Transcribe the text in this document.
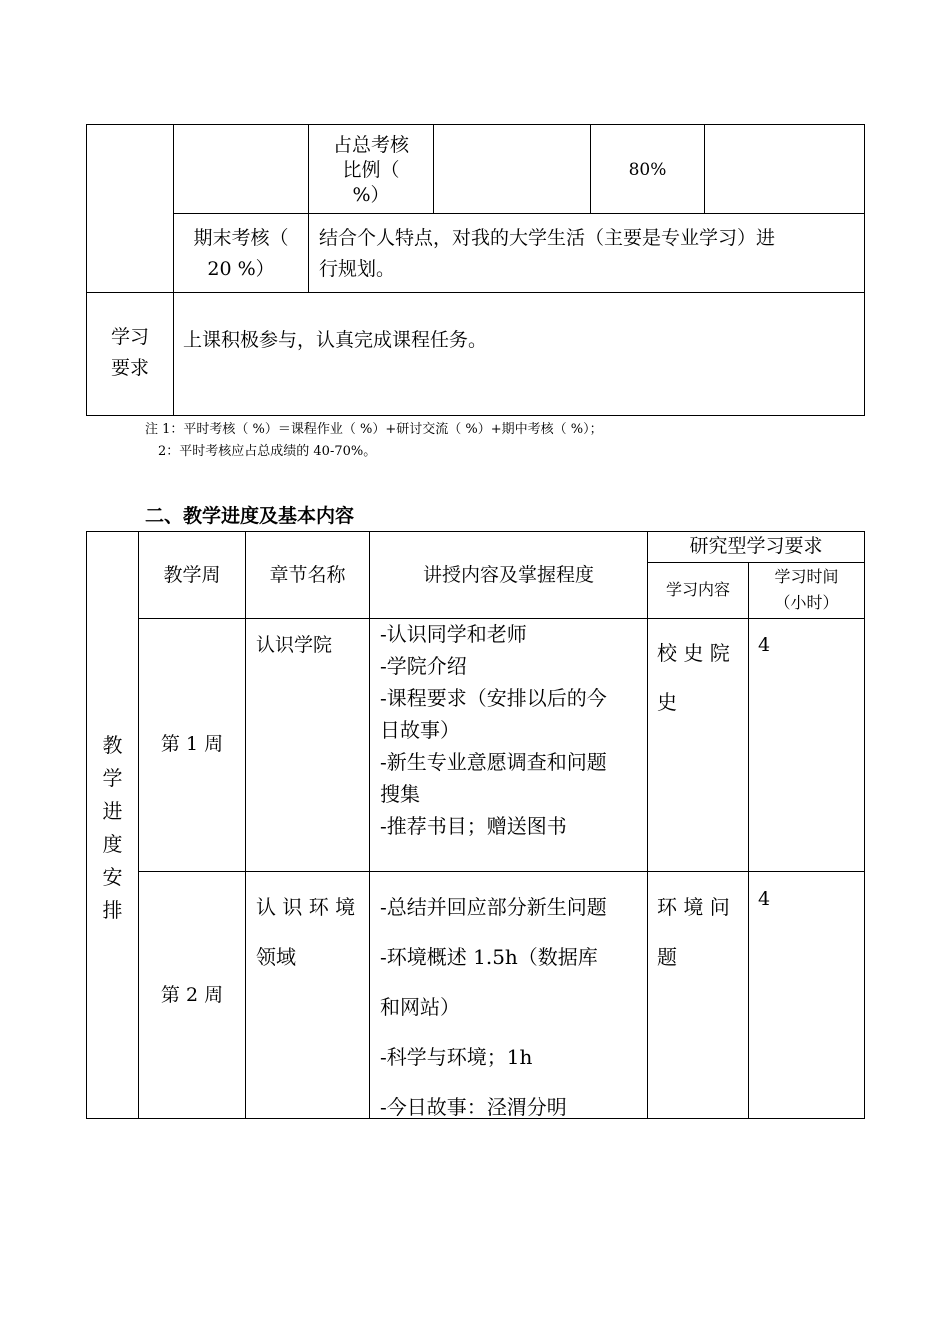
占总考核
比例（
%）
80%
期末考核（
20 %）
结合个人特点，对我的大学生活（主要是专业学习）进
行规划。
学习
要求
上课积极参与，认真完成课程任务。
注 1：平时考核（ %）＝课程作业（ %）+研讨交流（ %）+期中考核（ %）；
2：平时考核应占总成绩的 40-70%。
二、教学进度及基本内容
教
学
进
度
安
排
教学周	章节名称	讲授内容及掌握程度
研究型学习要求
学习内容
学习时间
（小时）
第 1 周
认识学院 -认识同学和老师
-学院介绍
-课程要求（安排以后的今
日故事）
-新生专业意愿调查和问题
搜集
-推荐书目；赠送图书
校 史 院
史
4
第 2 周
认 识 环 境
领域
-总结并回应部分新生问题
-环境概述 1.5h（数据库
和网站）
-科学与环境；1h
-今日故事：泾渭分明
环 境 问
题
4
